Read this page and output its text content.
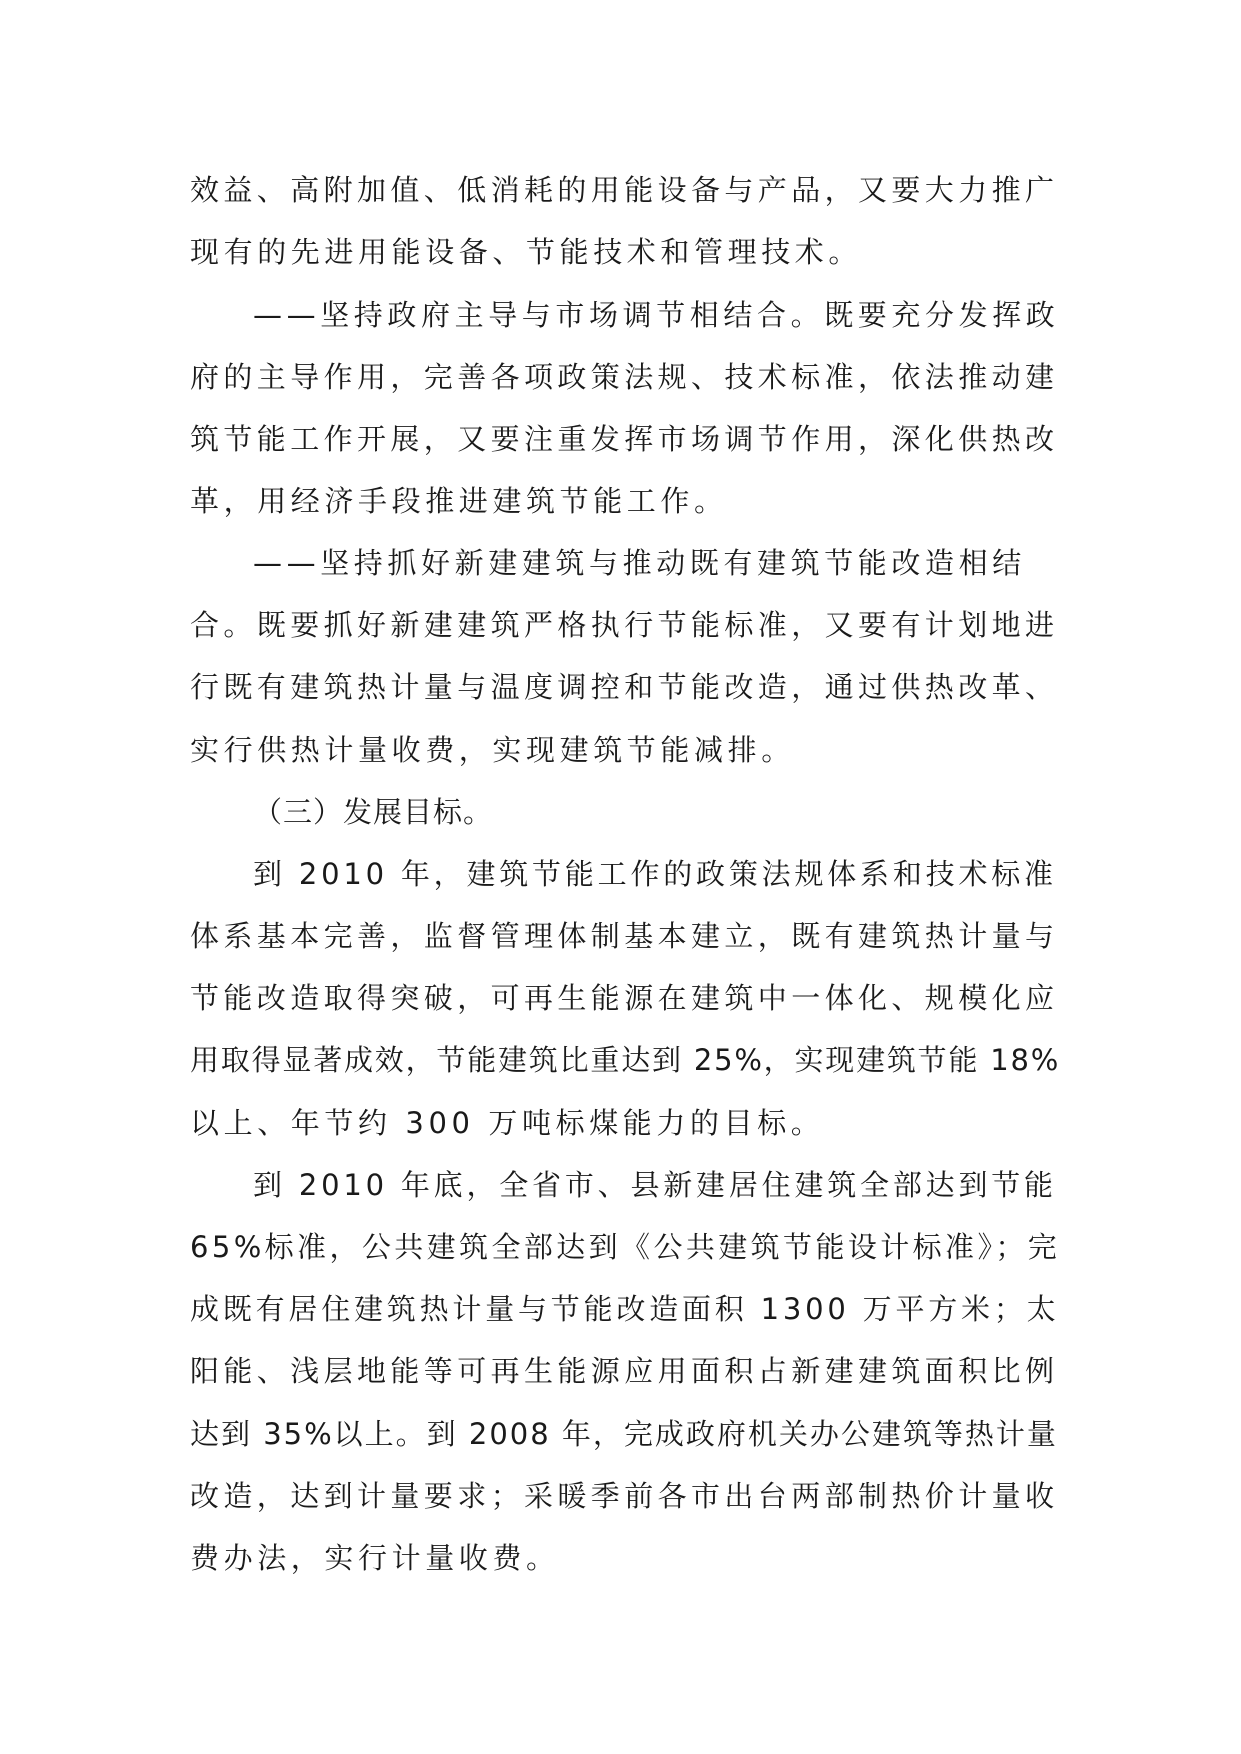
效益、高附加值、低消耗的用能设备与产品，又要大力推广
现有的先进用能设备、节能技术和管理技术。
——坚持政府主导与市场调节相结合。既要充分发挥政
府的主导作用，完善各项政策法规、技术标准，依法推动建
筑节能工作开展，又要注重发挥市场调节作用，深化供热改
革，用经济手段推进建筑节能工作。
——坚持抓好新建建筑与推动既有建筑节能改造相结
合。既要抓好新建建筑严格执行节能标准，又要有计划地进
行既有建筑热计量与温度调控和节能改造，通过供热改革、
实行供热计量收费，实现建筑节能减排。
（三）发展目标。
到 2010 年，建筑节能工作的政策法规体系和技术标准
体系基本完善，监督管理体制基本建立，既有建筑热计量与
节能改造取得突破，可再生能源在建筑中一体化、规模化应
用取得显著成效，节能建筑比重达到 25%，实现建筑节能 18%
以上、年节约 300 万吨标煤能力的目标。
到 2010 年底，全省市、县新建居住建筑全部达到节能
65%标准，公共建筑全部达到《公共建筑节能设计标准》；完
成既有居住建筑热计量与节能改造面积 1300 万平方米；太
阳能、浅层地能等可再生能源应用面积占新建建筑面积比例
达到 35%以上。到 2008 年，完成政府机关办公建筑等热计量
改造，达到计量要求；采暖季前各市出台两部制热价计量收
费办法，实行计量收费。
